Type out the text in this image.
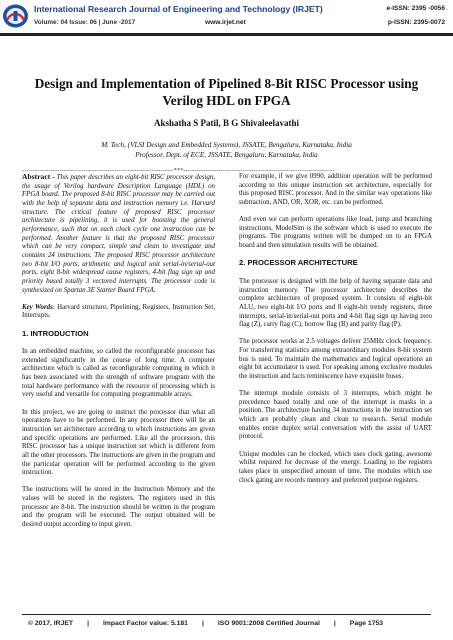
International Research Journal of Engineering and Technology (IRJET)
Volume: 04 Issue: 06 | June -2017	www.irjet.net
e-ISSN: 2395 -0056
p-ISSN: 2395-0072
Design and Implementation of Pipelined 8-Bit RISC Processor using Verilog HDL on FPGA
Akshatha S Patil, B G Shivaleelavathi
M. Tech, (VLSI Design and Embedded Systems), JSSATE, Bengaluru, Karnataka, India
Professor, Dept. of ECE, JSSATE, Bengaluru, Karnataka, India
---------------------------------------------------------------------***---------------------------------------------------------------------

Abstract - This paper describes an eight-bit RISC processor design, the usage of Verilog hardware Description Language (HDL) on FPGA board. The proposed 8-bit RISC processor may be carried out with the help of separate data and instruction memory i.e. Harvard structure. The critical feature of proposed RISC processor architecture is pipelining, it is used for boosting the general performance, such that on each clock cycle one instruction can be performed. Another feature is that the proposed RISC processor which can be very compact, simple and clean to investigate and contains 24 instructions. The proposed RISC processor architecture two 8-bit I/O ports, arithmetic and logical unit serial-in/serial-out ports, eight 8-bit widespread cause registers, 4-bit flag sign up and priority based totally 3 vectored interrupts. The processor code is synthesized on Spartan 3E Starter Board FPGA.

Key Words: Harvard structure, Pipelining, Registers, Instruction Set, Interrupts.

1. INTRODUCTION

In an embedded machine, so called the reconfigurable processor has extended significantly in the course of long time. A computer architecture which is called as reconfigurable computing in which it has been associated with the strength of software program with the total hardware performance with the resource of processing which is very useful and versatile for computing programmable arrays.

In this project, we are going to instruct the processor that what all operations have to be performed. In any processor there will be an instruction set architecture according to which instructions are given and specific operations are performed. Like all the processors, this RISC processor has a unique instruction set which is different from all the other processors. The instructions are given in the program and the particular operation will be performed according to the given instruction.

The instructions will be stored in the Instruction Memory and the values will be stored in the registers. The registers used in this processor are 8-bit. The instruction should be written in the program and the program will be executed. The output obtained will be desired output according to input given.

For example, if we give 0990, addition operation will be performed according to this unique instruction set architecture, especially for this proposed RISC processor. And in the similar way operations like subtraction, AND, OR, XOR, etc. can be performed.

And even we can perform operations like load, jump and branching instructions. ModelSim is the software which is used to execute the programs. The programs written will be dumped on to an FPGA board and then simulation results will be obtained.

2. PROCESSOR ARCHITECTURE

The processor is designed with the help of having separate data and instruction memory. The processor architecture describes the complete architecture of proposed system. It consists of eight-bit ALU, two eight-bit I/O ports and 8 eight-bit trendy registers, three interrupts, serial-in/serial-out ports and 4-bit flag sign up having zero flag (Z), carry flag (C), borrow flag (B) and parity flag (P).

The processor works at 2.5 voltages deliver 25MHz clock frequency. For transferring statistics among extraordinary modules 8-bit system bus is used. To maintain the mathematics and logical operations an eight bit accumulator is used. For speaking among exclusive modules the instruction and facts reminiscence have exquisite buses.

The interrupt module consists of 3 interrupts, which might be precedence based totally and one of the interrupt is masks in a position. The architecture having 34 instructions in the instruction set which are probably clean and clean to research. Serial module enables entire duplex serial conversation with the assist of UART protocol.

Unique modules can be clocked, which uses clock gating, awesome whilst required for decrease of the energy. Loading to the registers takes place in unspecified amount of time. The modules which use clock gating are records memory and preferred purpose registers.

© 2017, IRJET | Impact Factor value: 5.181 | ISO 9001:2008 Certified Journal | Page 1753
